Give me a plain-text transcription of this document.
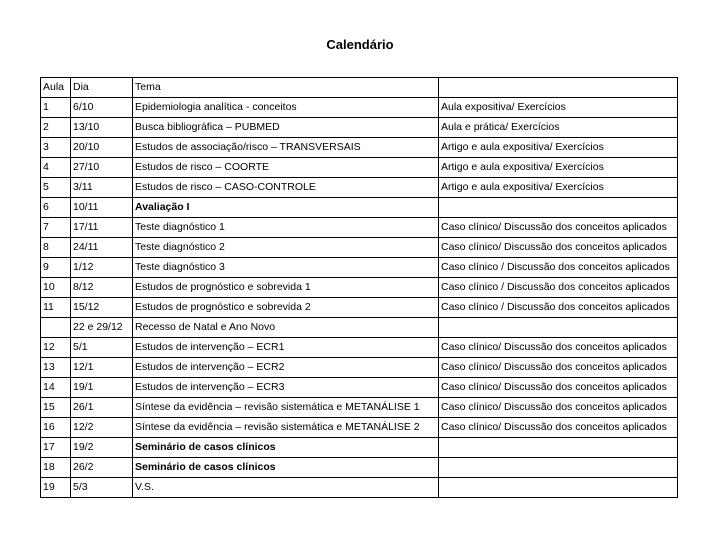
Calendário
Aula	Dia	Tema	
1	6/10	Epidemiologia analítica - conceitos	Aula expositiva/ Exercícios
2	13/10	Busca bibliográfica – PUBMED	Aula e prática/ Exercícios
3	20/10	Estudos de associação/risco – TRANSVERSAIS	Artigo e aula expositiva/ Exercícios
4	27/10	Estudos de risco – COORTE	Artigo e aula expositiva/ Exercícios
5	3/11	Estudos de risco – CASO-CONTROLE	Artigo e aula expositiva/ Exercícios
6	10/11	Avaliação I	
7	17/11	Teste diagnóstico 1	Caso clínico/ Discussão dos conceitos aplicados
8	24/11	Teste diagnóstico 2	Caso clínico/ Discussão dos conceitos aplicados
9	1/12	Teste diagnóstico 3	Caso clínico / Discussão dos conceitos aplicados
10	8/12	Estudos de prognóstico e sobrevida 1	Caso clínico / Discussão dos conceitos aplicados
11	15/12	Estudos de prognóstico e sobrevida 2	Caso clínico / Discussão dos conceitos aplicados
	22 e 29/12	Recesso de Natal e Ano Novo	
12	5/1	Estudos de intervenção – ECR1	Caso clínico/ Discussão dos conceitos aplicados
13	12/1	Estudos de intervenção – ECR2	Caso clínico/ Discussão dos conceitos aplicados
14	19/1	Estudos de intervenção – ECR3	Caso clínico/ Discussão dos conceitos aplicados
15	26/1	Síntese da evidência – revisão sistemática e METANÁLISE 1	Caso clínico/ Discussão dos conceitos aplicados
16	12/2	Síntese da evidência – revisão sistemática e METANÁLISE 2	Caso clínico/ Discussão dos conceitos aplicados
17	19/2	Seminário de casos clínicos	
18	26/2	Seminário de casos clínicos	
19	5/3	V.S.	
